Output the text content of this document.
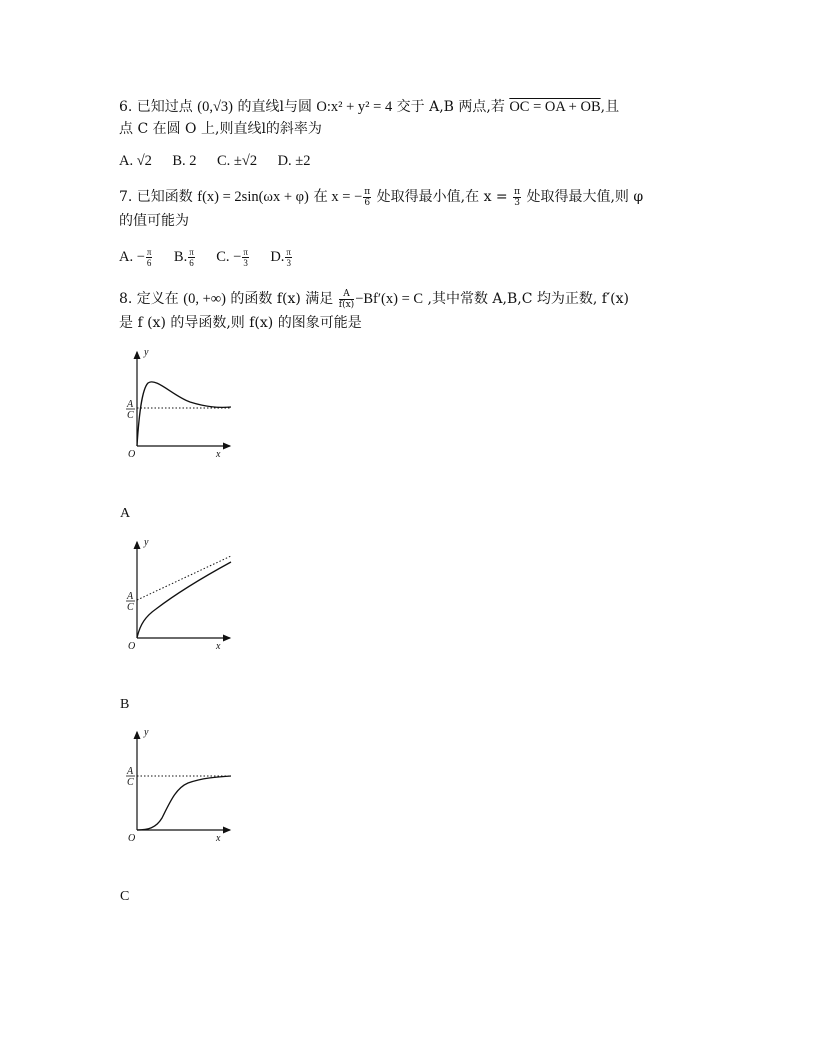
6. 已知过点 (0,√3) 的直线l与圆 O:x² + y² = 4 交于 A,B 两点,若 OC = OA + OB,且
点 C 在圆 O 上,则直线l的斜率为
A. √2 B. 2 C. ±√2 D. ±2
7. 已知函数 f(x) = 2sin(ωx + φ) 在 x = − $\frac{\pi}{6}$ 处取得最小值,在 $x = \frac{\pi}{3}$ 处取得最大值,则 φ
的值可能为
A. − $\frac{\pi}{6} B$. $\frac{\pi}{6} C$. − $\frac{\pi}{3} D$. $\frac{\pi}{3}$
8. 定义在 (0, +∞) 的函数 f(x) 满足 $\frac{A}{f(x)} -Bf'(x) = C$ ,其中常数 A,B,C 均为正数, f′(x)
是 f (x) 的导函数,则 f(x) 的图象可能是
y
x
O
A
C
A
y
x
O
A
C
B
y
x
O
A
C
C
